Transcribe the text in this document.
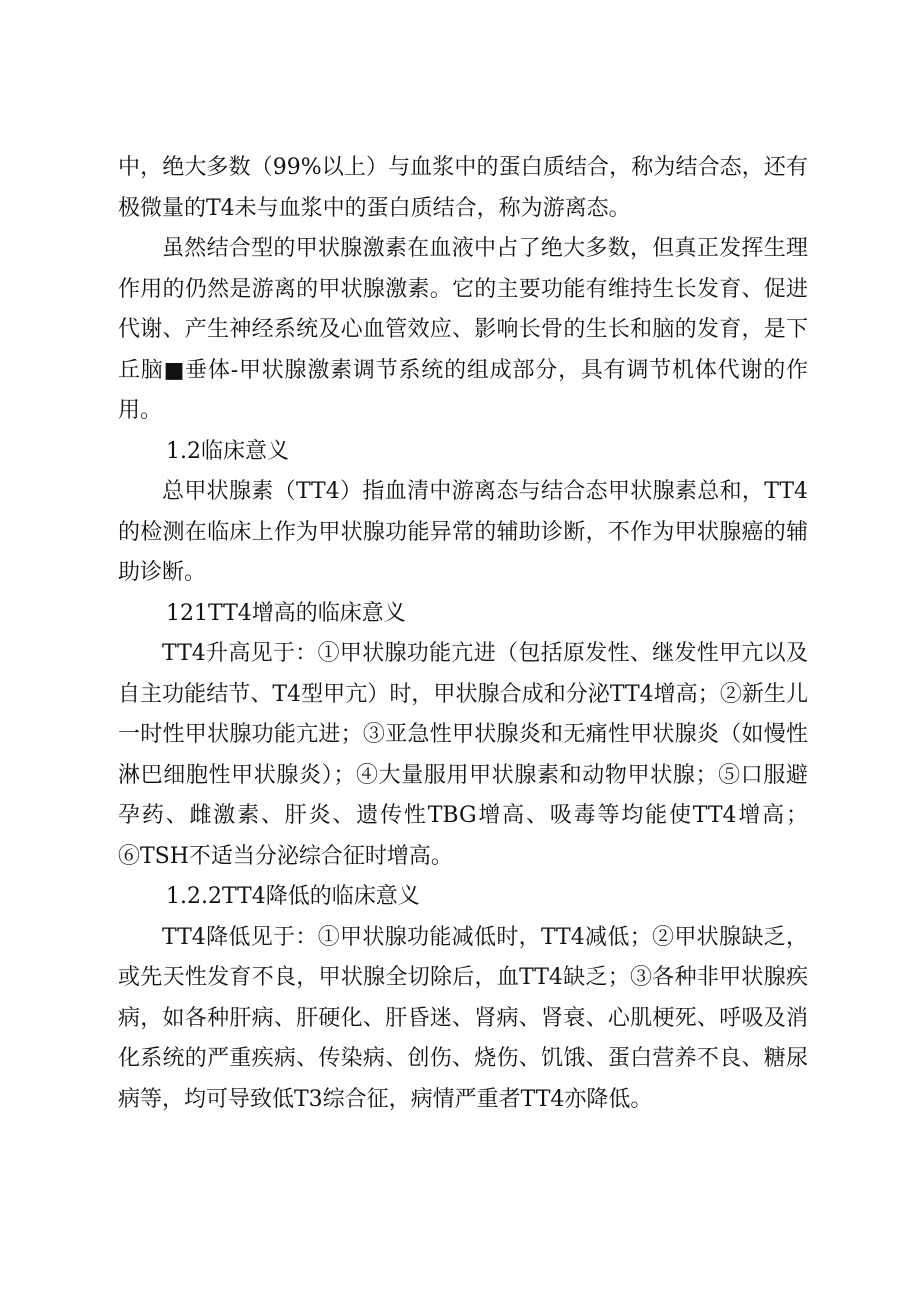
中，绝大多数（99%以上）与血浆中的蛋白质结合，称为结合态，还有极微量的T4未与血浆中的蛋白质结合，称为游离态。

虽然结合型的甲状腺激素在血液中占了绝大多数，但真正发挥生理作用的仍然是游离的甲状腺激素。它的主要功能有维持生长发育、促进代谢、产生神经系统及心血管效应、影响长骨的生长和脑的发育，是下丘脑■垂体-甲状腺激素调节系统的组成部分，具有调节机体代谢的作用。

1.2临床意义

总甲状腺素（TT4）指血清中游离态与结合态甲状腺素总和，TT4的检测在临床上作为甲状腺功能异常的辅助诊断，不作为甲状腺癌的辅助诊断。

121TT4增高的临床意义

TT4升高见于：①甲状腺功能亢进（包括原发性、继发性甲亢以及自主功能结节、T4型甲亢）时，甲状腺合成和分泌TT4增高；②新生儿一时性甲状腺功能亢进；③亚急性甲状腺炎和无痛性甲状腺炎（如慢性淋巴细胞性甲状腺炎）；④大量服用甲状腺素和动物甲状腺；⑤口服避孕药、雌激素、肝炎、遗传性TBG增高、吸毒等均能使TT4增高；⑥TSH不适当分泌综合征时增高。

1.2.2TT4降低的临床意义

TT4降低见于：①甲状腺功能减低时，TT4减低；②甲状腺缺乏，或先天性发育不良，甲状腺全切除后，血TT4缺乏；③各种非甲状腺疾病，如各种肝病、肝硬化、肝昏迷、肾病、肾衰、心肌梗死、呼吸及消化系统的严重疾病、传染病、创伤、烧伤、饥饿、蛋白营养不良、糖尿病等，均可导致低T3综合征，病情严重者TT4亦降低。
